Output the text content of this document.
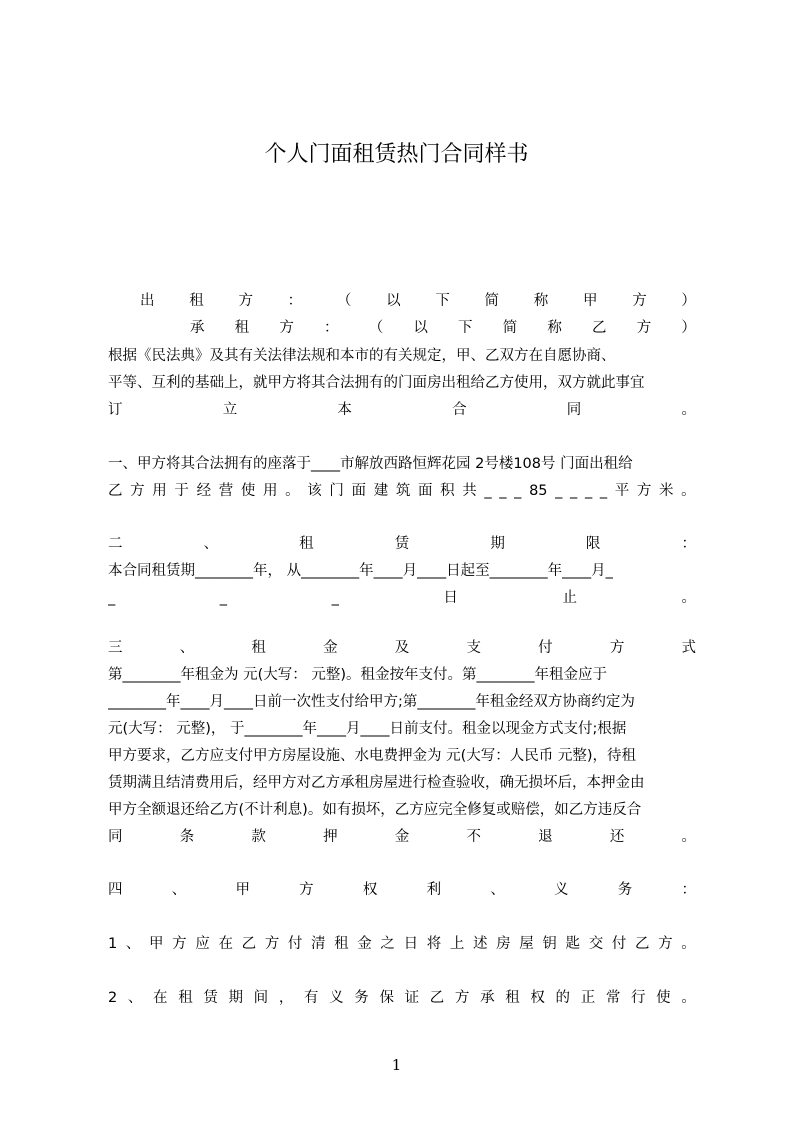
个人门面租赁热门合同样书
出 租 方 ： （ 以 下 简 称 甲 方 ）
承 租 方 ： （ 以 下 简 称 乙 方 ）
根据《民法典》及其有关法律法规和本市的有关规定，甲、乙双方在自愿协商、
平等、互利的基础上，就甲方将其合法拥有的门面房出租给乙方使用，双方就此事宜
订	立	本	合	同	。
一、甲方将其合法拥有的座落于____市解放西路恒辉花园 2号楼108号 门面出租给
乙 方 用 于 经 营 使 用 。 该 门 面 建 筑 面 积 共 _ _ _ 85 _ _ _ _ 平 方 米 。
二	、	租	赁	期	限	：
本合同租赁期________年， 从________年____月____日起至________年____月_
_	_	_	日	止	。
三	、	租	金	及	支	付	方	式
第________年租金为 元(大写： 元整)。租金按年支付。第________年租金应于
________年____月____日前一次性支付给甲方;第________年租金经双方协商约定为
元(大写： 元整)， 于________年____月____日前支付。租金以现金方式支付;根据
甲方要求，乙方应支付甲方房屋设施、水电费押金为 元(大写：人民币 元整)，待租
赁期满且结清费用后，经甲方对乙方承租房屋进行检查验收，确无损坏后，本押金由
甲方全额退还给乙方(不计利息)。如有损坏，乙方应完全修复或赔偿，如乙方违反合
同	条	款	押	金	不	退	还	。
四	、	甲	方	权	利	、	义	务	：
1 、 甲 方 应 在 乙 方 付 清 租 金 之 日 将 上 述 房 屋 钥 匙 交 付 乙 方 。
2 、 在 租 赁 期 间 ， 有 义 务 保 证 乙 方 承 租 权 的 正 常 行 使 。
1
